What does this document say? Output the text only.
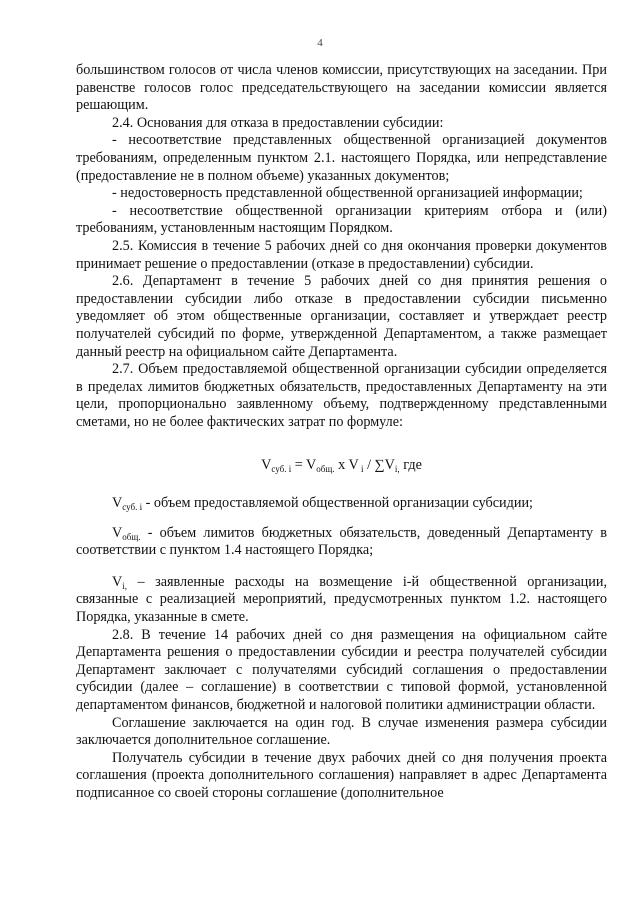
4

большинством голосов от числа членов комиссии, присутствующих на заседании. При равенстве голосов голос председательствующего на заседании комиссии является решающим.

2.4. Основания для отказа в предоставлении субсидии:

- несоответствие представленных общественной организацией документов требованиям, определенным пунктом 2.1. настоящего Порядка, или непредставление (предоставление не в полном объеме) указанных документов;

- недостоверность представленной общественной организацией информации;

- несоответствие общественной организации критериям отбора и (или) требованиям, установленным настоящим Порядком.

2.5. Комиссия в течение 5 рабочих дней со дня окончания проверки документов принимает решение о предоставлении (отказе в предоставлении) субсидии.

2.6. Департамент в течение 5 рабочих дней со дня принятия решения о предоставлении субсидии либо отказе в предоставлении субсидии письменно уведомляет об этом общественные организации, составляет и утверждает реестр получателей субсидий по форме, утвержденной Департаментом, а также размещает данный реестр на официальном сайте Департамента.

2.7. Объем предоставляемой общественной организации субсидии определяется в пределах лимитов бюджетных обязательств, предоставленных Департаменту на эти цели, пропорционально заявленному объему, подтвержденному представленными сметами, но не более фактических затрат по формуле:

$V_{суб. i} = V_{общ.}$ x V $_i / \sum V_{i,}$ где

$V_{суб. i}$ - объем предоставляемой общественной организации субсидии;

$V_{общ.}$ - объем лимитов бюджетных обязательств, доведенный Департаменту в соответствии с пунктом 1.4 настоящего Порядка;

$V_{i,}$ – заявленные расходы на возмещение i-й общественной организации, связанные с реализацией мероприятий, предусмотренных пунктом 1.2. настоящего Порядка, указанные в смете.

2.8. В течение 14 рабочих дней со дня размещения на официальном сайте Департамента решения о предоставлении субсидии и реестра получателей субсидии Департамент заключает с получателями субсидий соглашения о предоставлении субсидии (далее – соглашение) в соответствии с типовой формой, установленной департаментом финансов, бюджетной и налоговой политики администрации области.

Соглашение заключается на один год. В случае изменения размера субсидии заключается дополнительное соглашение.

Получатель субсидии в течение двух рабочих дней со дня получения проекта соглашения (проекта дополнительного соглашения) направляет в адрес Департамента подписанное со своей стороны соглашение (дополнительное
